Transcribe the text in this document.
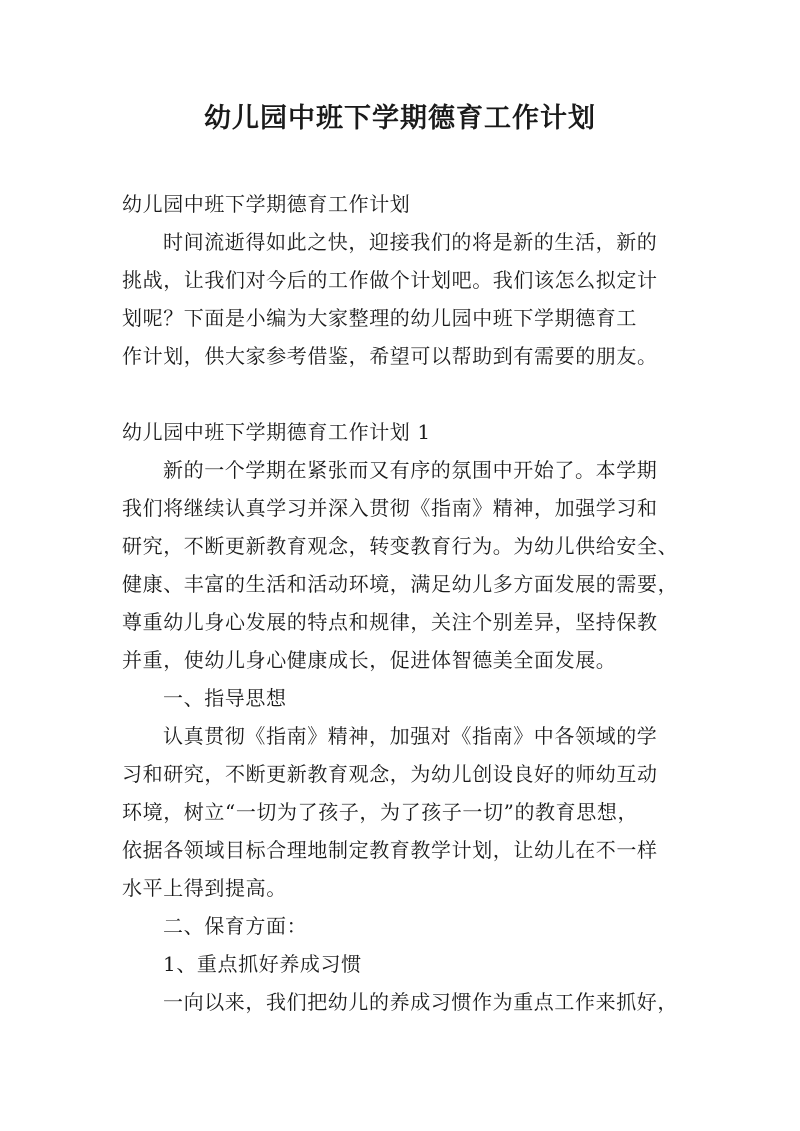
幼儿园中班下学期德育工作计划
幼儿园中班下学期德育工作计划
时间流逝得如此之快，迎接我们的将是新的生活，新的
挑战，让我们对今后的工作做个计划吧。我们该怎么拟定计
划呢？下面是小编为大家整理的幼儿园中班下学期德育工
作计划，供大家参考借鉴，希望可以帮助到有需要的朋友。
幼儿园中班下学期德育工作计划 1
新的一个学期在紧张而又有序的氛围中开始了。本学期
我们将继续认真学习并深入贯彻《指南》精神，加强学习和
研究，不断更新教育观念，转变教育行为。为幼儿供给安全、
健康、丰富的生活和活动环境，满足幼儿多方面发展的需要，
尊重幼儿身心发展的特点和规律，关注个别差异，坚持保教
并重，使幼儿身心健康成长，促进体智德美全面发展。
一、指导思想
认真贯彻《指南》精神，加强对《指南》中各领域的学
习和研究，不断更新教育观念，为幼儿创设良好的师幼互动
环境，树立“一切为了孩子，为了孩子一切”的教育思想，
依据各领域目标合理地制定教育教学计划，让幼儿在不一样
水平上得到提高。
二、保育方面：
1、重点抓好养成习惯
一向以来，我们把幼儿的养成习惯作为重点工作来抓好，
